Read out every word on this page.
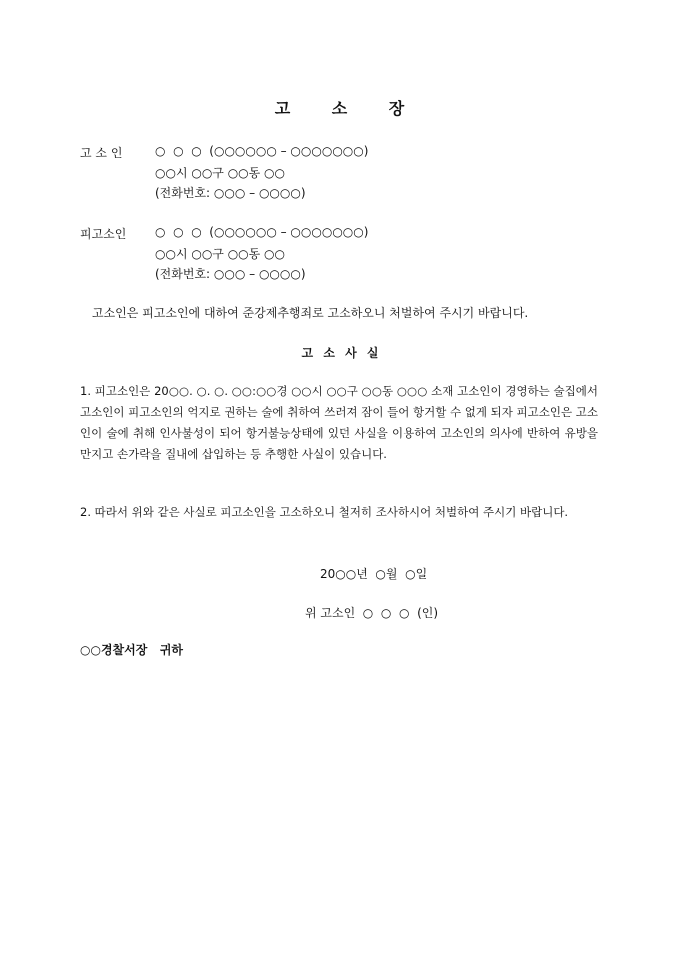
고 소 장
고 소 인	○  ○  ○  (○○○○○○ – ○○○○○○○)
○○시 ○○구 ○○동 ○○
(전화번호: ○○○ – ○○○○)
피고소인 ○  ○  ○  (○○○○○○ – ○○○○○○○)
○○시 ○○구 ○○동 ○○
(전화번호: ○○○ – ○○○○)
고소인은 피고소인에 대하여 준강제추행죄로 고소하오니 처벌하여 주시기 바랍니다.
고 소 사 실
1. 피고소인은 20○○. ○. ○. ○○:○○경 ○○시 ○○구 ○○동 ○○○ 소재 고소인이 경영하는 술집에서 고소인이 피고소인의 억지로 권하는 술에 취하여 쓰러져 잠이 들어 항거할 수 없게 되자 피고소인은 고소인이 술에 취해 인사불성이 되어 항거불능상태에 있던 사실을 이용하여 고소인의 의사에 반하여 유방을 만지고 손가락을 질내에 삽입하는 등 추행한 사실이 있습니다.
2. 따라서 위와 같은 사실로 피고소인을 고소하오니 철저히 조사하시어 처벌하여 주시기 바랍니다.
20○○년  ○월  ○일
위 고소인  ○  ○  ○  (인)
○○경찰서장   귀하
